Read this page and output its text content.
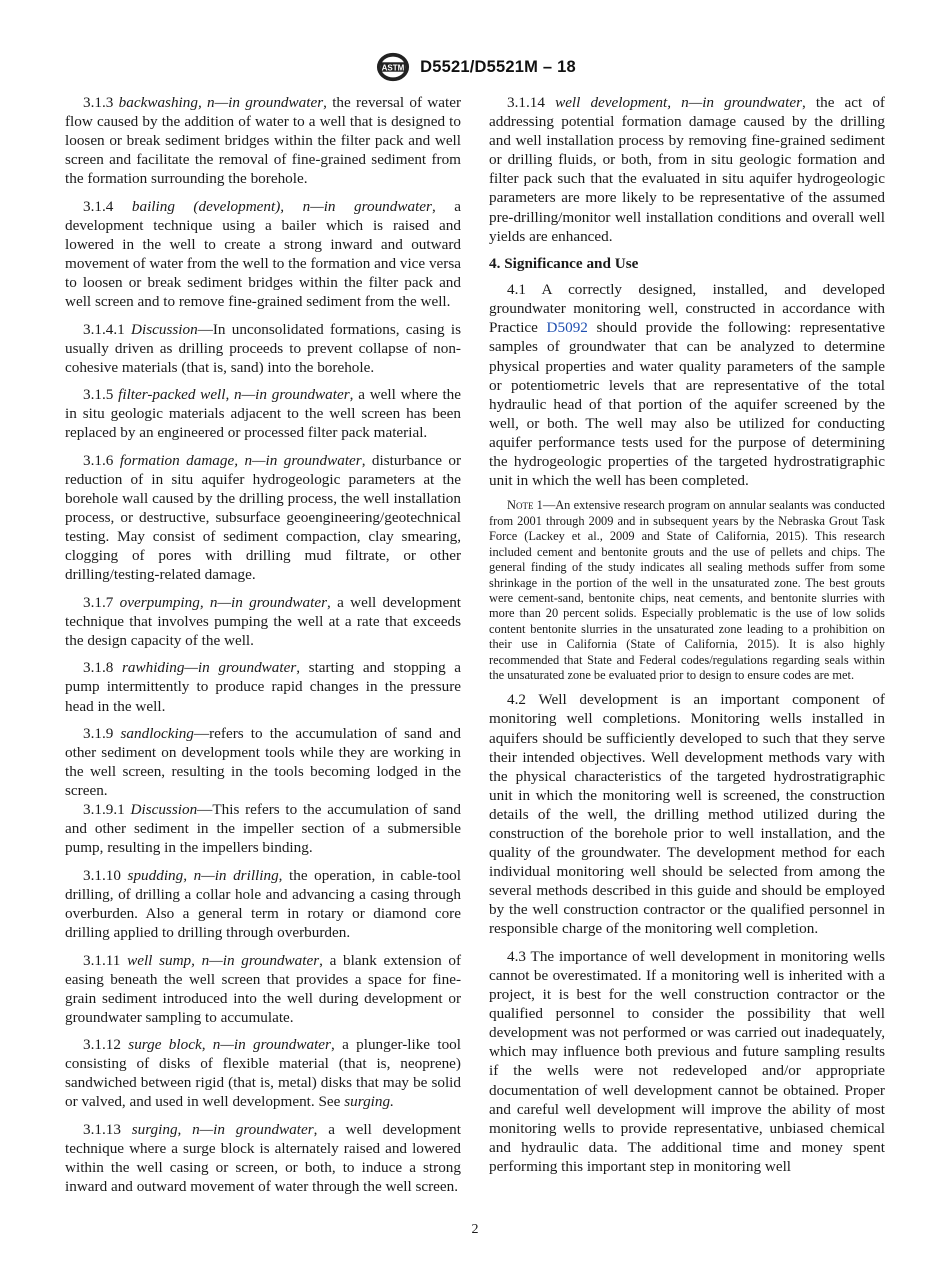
ASTM D5521/D5521M – 18

3.1.3 backwashing, n—in groundwater, the reversal of water flow caused by the addition of water to a well that is designed to loosen or break sediment bridges within the filter pack and well screen and facilitate the removal of fine-grained sediment from the formation surrounding the borehole.

3.1.4 bailing (development), n—in groundwater, a development technique using a bailer which is raised and lowered in the well to create a strong inward and outward movement of water from the well to the formation and vice versa to loosen or break sediment bridges within the filter pack and well screen and to remove fine-grained sediment from the well.

3.1.4.1 Discussion—In unconsolidated formations, casing is usually driven as drilling proceeds to prevent collapse of non-cohesive materials (that is, sand) into the borehole.

3.1.5 filter-packed well, n—in groundwater, a well where the in situ geologic materials adjacent to the well screen has been replaced by an engineered or processed filter pack material.

3.1.6 formation damage, n—in groundwater, disturbance or reduction of in situ aquifer hydrogeologic parameters at the borehole wall caused by the drilling process, the well installation process, or destructive, subsurface geoengineering/geotechnical testing. May consist of sediment compaction, clay smearing, clogging of pores with drilling mud filtrate, or other drilling/testing-related damage.

3.1.7 overpumping, n—in groundwater, a well development technique that involves pumping the well at a rate that exceeds the design capacity of the well.

3.1.8 rawhiding—in groundwater, starting and stopping a pump intermittently to produce rapid changes in the pressure head in the well.

3.1.9 sandlocking—refers to the accumulation of sand and other sediment on development tools while they are working in the well screen, resulting in the tools becoming lodged in the screen.

3.1.9.1 Discussion—This refers to the accumulation of sand and other sediment in the impeller section of a submersible pump, resulting in the impellers binding.

3.1.10 spudding, n—in drilling, the operation, in cable-tool drilling, of drilling a collar hole and advancing a casing through overburden. Also a general term in rotary or diamond core drilling applied to drilling through overburden.

3.1.11 well sump, n—in groundwater, a blank extension of easing beneath the well screen that provides a space for fine-grain sediment introduced into the well during development or groundwater sampling to accumulate.

3.1.12 surge block, n—in groundwater, a plunger-like tool consisting of disks of flexible material (that is, neoprene) sandwiched between rigid (that is, metal) disks that may be solid or valved, and used in well development. See surging.

3.1.13 surging, n—in groundwater, a well development technique where a surge block is alternately raised and lowered within the well casing or screen, or both, to induce a strong inward and outward movement of water through the well screen.

3.1.14 well development, n—in groundwater, the act of addressing potential formation damage caused by the drilling and well installation process by removing fine-grained sediment or drilling fluids, or both, from in situ geologic formation and filter pack such that the evaluated in situ aquifer hydrogeologic parameters are more likely to be representative of the assumed pre-drilling/monitor well installation conditions and overall well yields are enhanced.

4. Significance and Use

4.1 A correctly designed, installed, and developed groundwater monitoring well, constructed in accordance with Practice D5092 should provide the following: representative samples of groundwater that can be analyzed to determine physical properties and water quality parameters of the sample or potentiometric levels that are representative of the total hydraulic head of that portion of the aquifer screened by the well, or both. The well may also be utilized for conducting aquifer performance tests used for the purpose of determining the hydrogeologic properties of the targeted hydrostratigraphic unit in which the well has been completed.

Note 1—An extensive research program on annular sealants was conducted from 2001 through 2009 and in subsequent years by the Nebraska Grout Task Force (Lackey et al., 2009 and State of California, 2015). This research included cement and bentonite grouts and the use of pellets and chips. The general finding of the study indicates all sealing methods suffer from some shrinkage in the portion of the well in the unsaturated zone. The best grouts were cement-sand, bentonite chips, neat cements, and bentonite slurries with more than 20 percent solids. Especially problematic is the use of low solids content bentonite slurries in the unsaturated zone leading to a prohibition on their use in California (State of California, 2015). It is also highly recommended that State and Federal codes/regulations regarding seals within the unsaturated zone be evaluated prior to design to ensure codes are met.

4.2 Well development is an important component of monitoring well completions. Monitoring wells installed in aquifers should be sufficiently developed to such that they serve their intended objectives. Well development methods vary with the physical characteristics of the targeted hydrostratigraphic unit in which the monitoring well is screened, the construction details of the well, the drilling method utilized during the construction of the borehole prior to well installation, and the quality of the groundwater. The development method for each individual monitoring well should be selected from among the several methods described in this guide and should be employed by the well construction contractor or the qualified personnel in responsible charge of the monitoring well completion.

4.3 The importance of well development in monitoring wells cannot be overestimated. If a monitoring well is inherited with a project, it is best for the well construction contractor or the qualified personnel to consider the possibility that well development was not performed or was carried out inadequately, which may influence both previous and future sampling results if the wells were not redeveloped and/or appropriate documentation of well development cannot be obtained. Proper and careful well development will improve the ability of most monitoring wells to provide representative, unbiased chemical and hydraulic data. The additional time and money spent performing this important step in monitoring well

2
